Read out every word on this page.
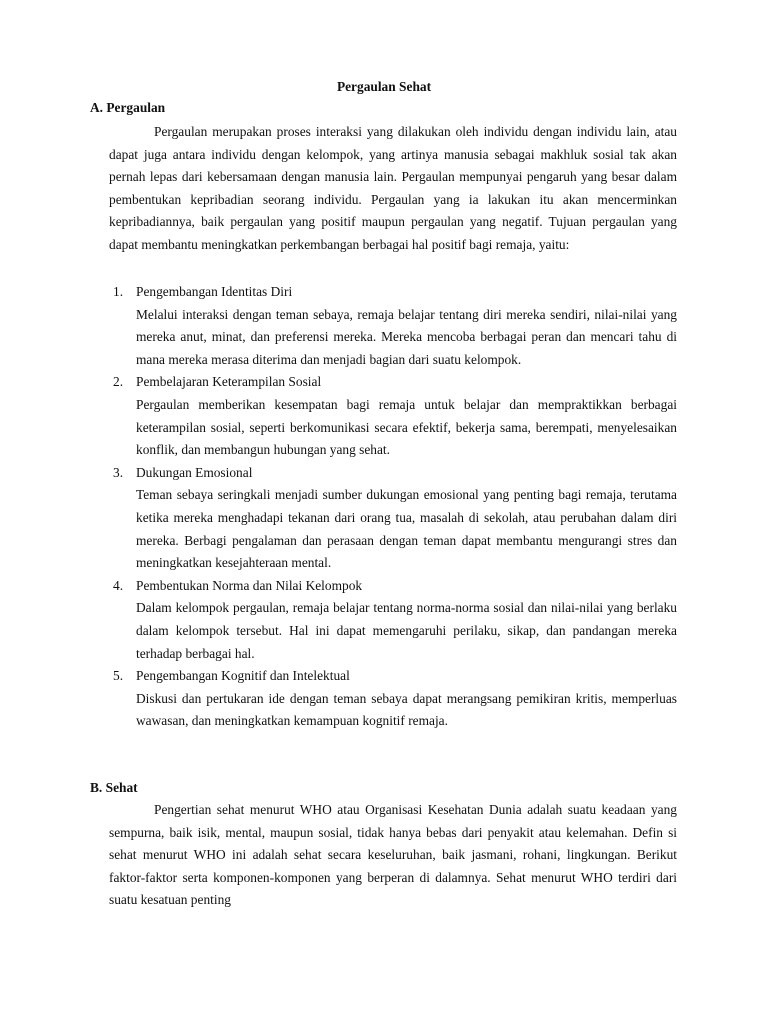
Pergaulan Sehat
A. Pergaulan

Pergaulan merupakan proses interaksi yang dilakukan oleh individu dengan individu lain, atau dapat juga antara individu dengan kelompok, yang artinya manusia sebagai makhluk sosial tak akan pernah lepas dari kebersamaan dengan manusia lain. Pergaulan mempunyai pengaruh yang besar dalam pembentukan kepribadian seorang individu. Pergaulan yang ia lakukan itu akan mencerminkan kepribadiannya, baik pergaulan yang positif maupun pergaulan yang negatif. Tujuan pergaulan yang dapat membantu meningkatkan perkembangan berbagai hal positif bagi remaja, yaitu:

1. Pengembangan Identitas Diri

Melalui interaksi dengan teman sebaya, remaja belajar tentang diri mereka sendiri, nilai-nilai yang mereka anut, minat, dan preferensi mereka. Mereka mencoba berbagai peran dan mencari tahu di mana mereka merasa diterima dan menjadi bagian dari suatu kelompok.

2. Pembelajaran Keterampilan Sosial

Pergaulan memberikan kesempatan bagi remaja untuk belajar dan mempraktikkan berbagai keterampilan sosial, seperti berkomunikasi secara efektif, bekerja sama, berempati, menyelesaikan konflik, dan membangun hubungan yang sehat.

3. Dukungan Emosional

Teman sebaya seringkali menjadi sumber dukungan emosional yang penting bagi remaja, terutama ketika mereka menghadapi tekanan dari orang tua, masalah di sekolah, atau perubahan dalam diri mereka. Berbagi pengalaman dan perasaan dengan teman dapat membantu mengurangi stres dan meningkatkan kesejahteraan mental.

4. Pembentukan Norma dan Nilai Kelompok

Dalam kelompok pergaulan, remaja belajar tentang norma-norma sosial dan nilai-nilai yang berlaku dalam kelompok tersebut. Hal ini dapat memengaruhi perilaku, sikap, dan pandangan mereka terhadap berbagai hal.

5. Pengembangan Kognitif dan Intelektual

Diskusi dan pertukaran ide dengan teman sebaya dapat merangsang pemikiran kritis, memperluas wawasan, dan meningkatkan kemampuan kognitif remaja.

B. Sehat

Pengertian sehat menurut WHO atau Organisasi Kesehatan Dunia adalah suatu keadaan yang sempurna, baik isik, mental, maupun sosial, tidak hanya bebas dari penyakit atau kelemahan. Defin si sehat menurut WHO ini adalah sehat secara keseluruhan, baik jasmani, rohani, lingkungan. Berikut faktor-faktor serta komponen-komponen yang berperan di dalamnya. Sehat menurut WHO terdiri dari suatu kesatuan penting
